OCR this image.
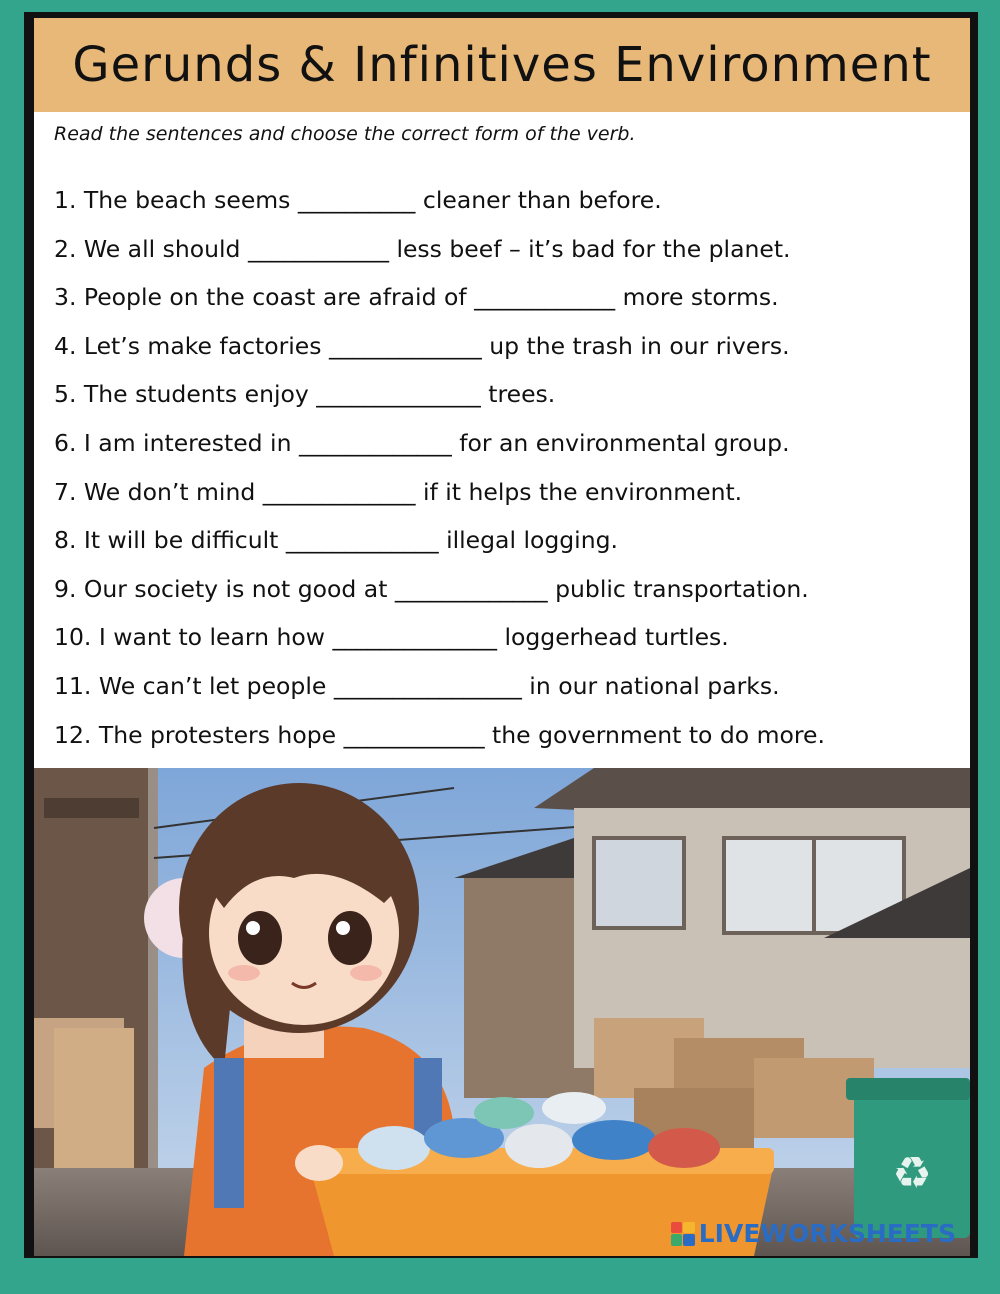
Gerunds & Infinitives Environment
Read the sentences and choose the correct form of the verb.
1. The beach seems __________ cleaner than before.
2. We all should ____________ less beef – it’s bad for the planet.
3. People on the coast are afraid of ____________ more storms.
4. Let’s make factories _____________ up the trash in our rivers.
5. The students enjoy ______________ trees.
6. I am interested in _____________ for an environmental group.
7. We don’t mind _____________ if it helps the environment.
8. It will be difficult _____________ illegal logging.
9. Our society is not good at _____________ public transportation.
10. I want to learn how ______________ loggerhead turtles.
11. We can’t let people ________________ in our national parks.
12. The protesters hope ____________ the government to do more.
♻
LIVEWORKSHEETS
